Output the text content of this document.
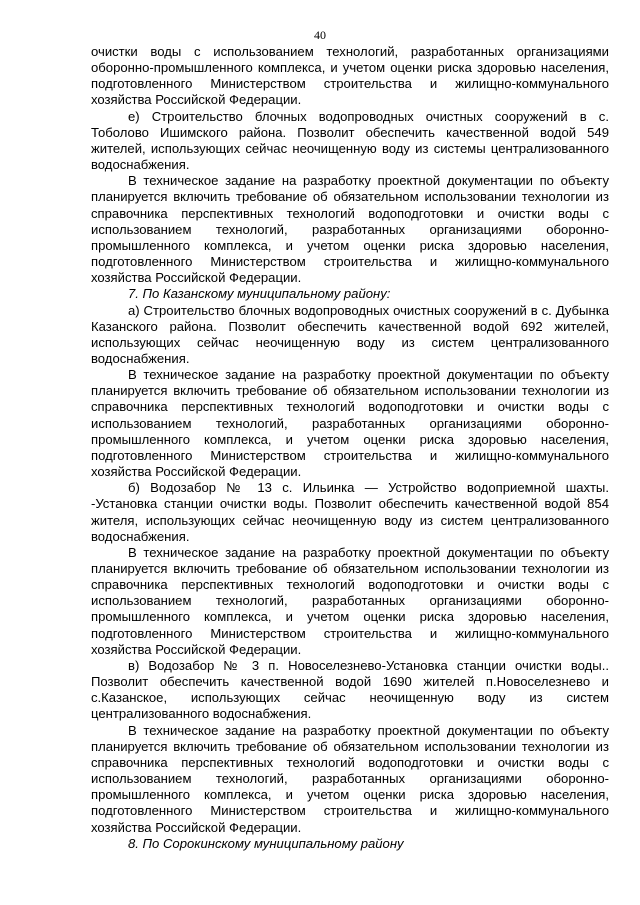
40

очистки воды с использованием технологий, разработанных организациями оборонно-промышленного комплекса, и учетом оценки риска здоровью населения, подготовленного Министерством строительства и жилищно-коммунального хозяйства Российской Федерации.

е) Строительство блочных водопроводных очистных сооружений в с. Тоболово Ишимского района. Позволит обеспечить качественной водой 549 жителей, использующих сейчас неочищенную воду из системы централизованного водоснабжения.

В техническое задание на разработку проектной документации по объекту планируется включить требование об обязательном использовании технологии из справочника перспективных технологий водоподготовки и очистки воды с использованием технологий, разработанных организациями оборонно-промышленного комплекса, и учетом оценки риска здоровью населения, подготовленного Министерством строительства и жилищно-коммунального хозяйства Российской Федерации.

7. По Казанскому муниципальному району:

а) Строительство блочных водопроводных очистных сооружений в с. Дубынка Казанского района. Позволит обеспечить качественной водой 692 жителей, использующих сейчас неочищенную воду из систем централизованного водоснабжения.

В техническое задание на разработку проектной документации по объекту планируется включить требование об обязательном использовании технологии из справочника перспективных технологий водоподготовки и очистки воды с использованием технологий, разработанных организациями оборонно-промышленного комплекса, и учетом оценки риска здоровью населения, подготовленного Министерством строительства и жилищно-коммунального хозяйства Российской Федерации.

б) Водозабор № 13 с. Ильинка — Устройство водоприемной шахты. -Установка станции очистки воды. Позволит обеспечить качественной водой 854 жителя, использующих сейчас неочищенную воду из систем централизованного водоснабжения.

В техническое задание на разработку проектной документации по объекту планируется включить требование об обязательном использовании технологии из справочника перспективных технологий водоподготовки и очистки воды с использованием технологий, разработанных организациями оборонно-промышленного комплекса, и учетом оценки риска здоровью населения, подготовленного Министерством строительства и жилищно-коммунального хозяйства Российской Федерации.

в) Водозабор № 3 п. Новоселезнево-Установка станции очистки воды.. Позволит обеспечить качественной водой 1690 жителей п.Новоселезнево и с.Казанское, использующих сейчас неочищенную воду из систем централизованного водоснабжения.

В техническое задание на разработку проектной документации по объекту планируется включить требование об обязательном использовании технологии из справочника перспективных технологий водоподготовки и очистки воды с использованием технологий, разработанных организациями оборонно-промышленного комплекса, и учетом оценки риска здоровью населения, подготовленного Министерством строительства и жилищно-коммунального хозяйства Российской Федерации.

8. По Сорокинскому муниципальному району
